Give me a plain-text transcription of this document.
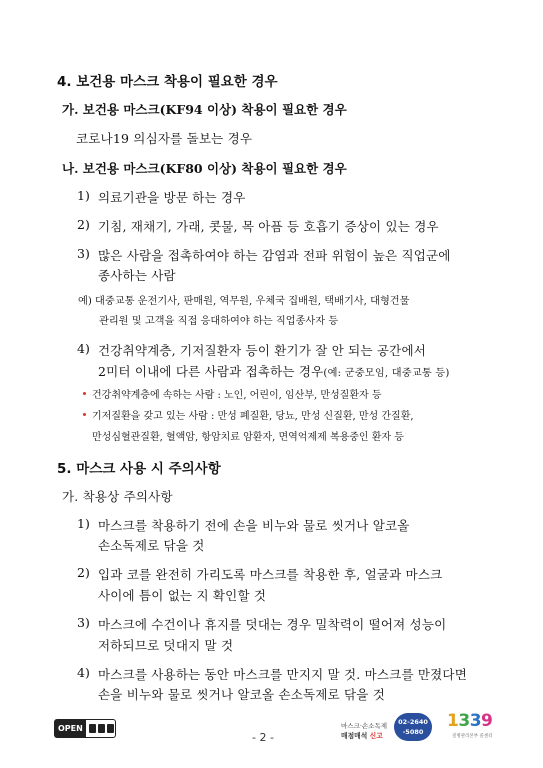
4. 보건용 마스크 착용이 필요한 경우
가. 보건용 마스크(KF94 이상) 착용이 필요한 경우
코로나19 의심자를 돌보는 경우
나. 보건용 마스크(KF80 이상) 착용이 필요한 경우
1) 의료기관을 방문 하는 경우
2) 기침, 재채기, 가래, 콧물, 목 아픔 등 호흡기 증상이 있는 경우
3) 많은 사람을 접촉하여야 하는 감염과 전파 위험이 높은 직업군에
종사하는 사람
예) 대중교통 운전기사, 판매원, 역무원, 우체국 집배원, 택배기사, 대형건물
관리원 및 고객을 직접 응대하여야 하는 직업종사자 등
4) 건강취약계층, 기저질환자 등이 환기가 잘 안 되는 공간에서
2미터 이내에 다른 사람과 접촉하는 경우(예: 군중모임, 대중교통 등)
건강취약계층에 속하는 사람 : 노인, 어린이, 임산부, 만성질환자 등
기저질환을 갖고 있는 사람 : 만성 폐질환, 당뇨, 만성 신질환, 만성 간질환,
만성심혈관질환, 혈액암, 항암치료 암환자, 면역억제제 복용중인 환자 등
5. 마스크 사용 시 주의사항
가. 착용상 주의사항
1) 마스크를 착용하기 전에 손을 비누와 물로 씻거나 알코올
손소독제로 닦을 것
2) 입과 코를 완전히 가리도록 마스크를 착용한 후, 얼굴과 마스크
사이에 틈이 없는 지 확인할 것
3) 마스크에 수건이나 휴지를 덧대는 경우 밀착력이 떨어져 성능이
저하되므로 덧대지 말 것
4) 마스크를 사용하는 동안 마스크를 만지지 말 것. 마스크를 만졌다면
손을 비누와 물로 씻거나 알코올 손소독제로 닦을 것
OPEN
- 2 -
마스크·손소독제
매점매석 신고
02-2640
-5080
1339
질병관리본부 콜센터
